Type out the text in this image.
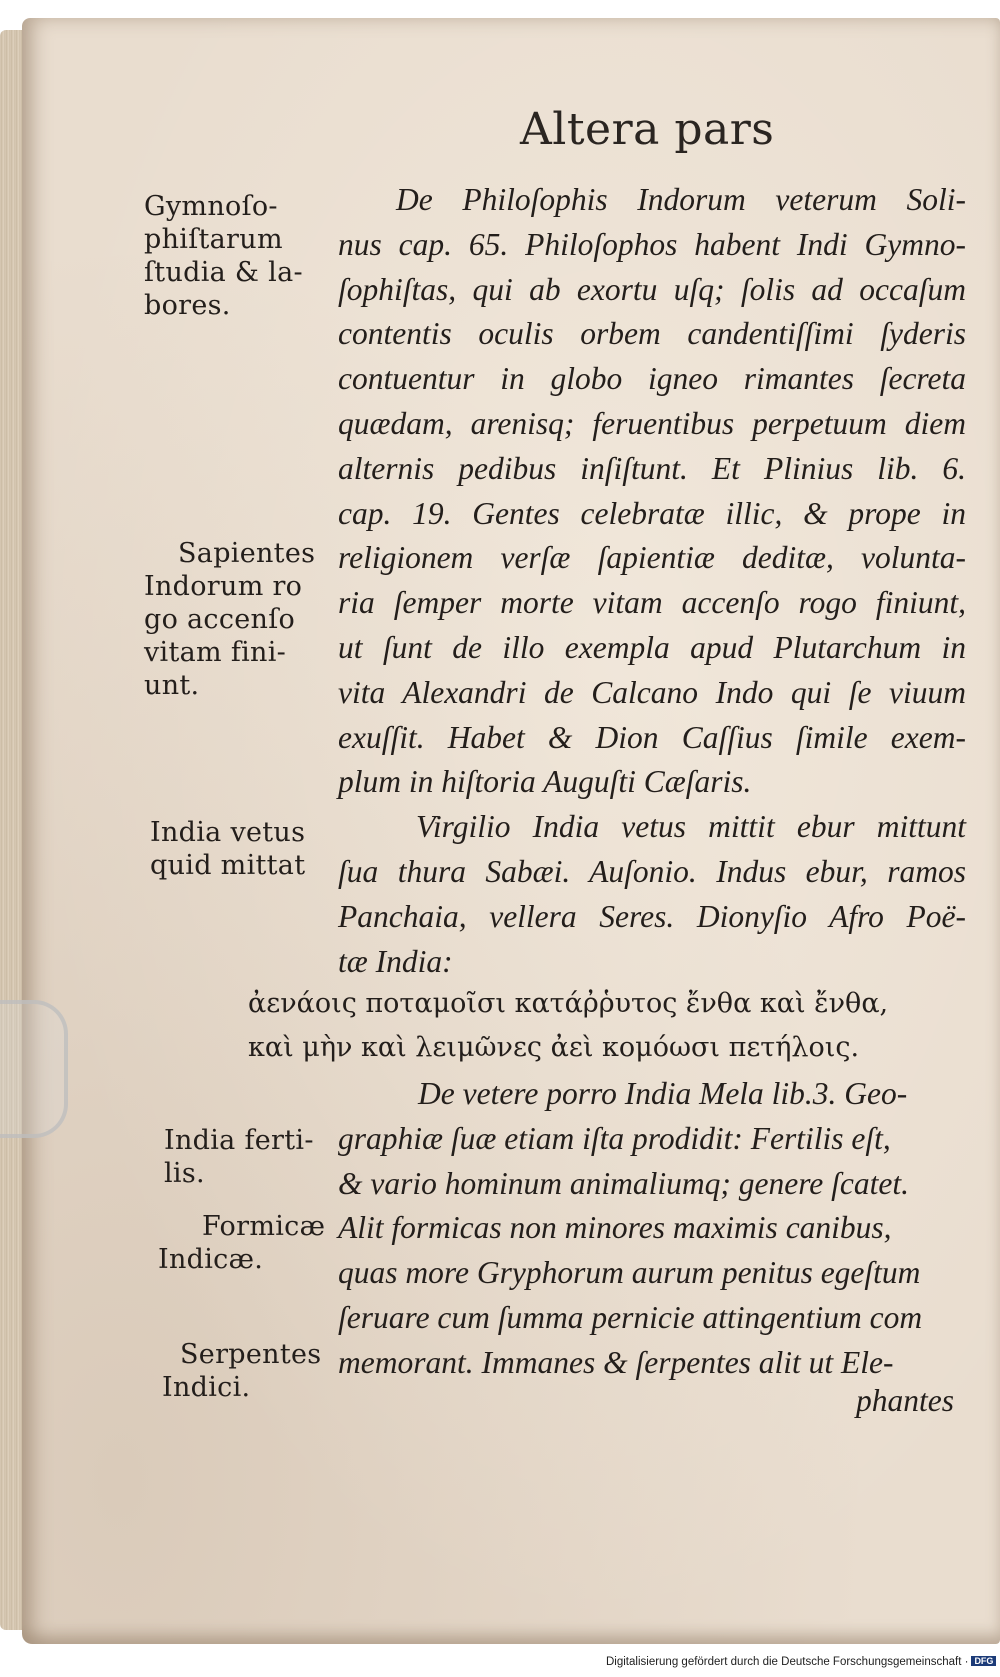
Altera pars
Gymnoſo-
phiſtarum
ſtudia & la-
bores.
Sapientes
Indorum ro
go accenſo
vitam fini-
unt.
India vetus
quid mittat
India ferti-
lis.
Formicæ
Indicæ.
Serpentes
Indici.
De Philoſophis Indorum veterum Soli-
nus cap. 65. Philoſophos habent Indi Gymno-
ſophiſtas, qui ab exortu uſq; ſolis ad occaſum
contentis oculis orbem candentiſſimi ſyderis
contuentur in globo igneo rimantes ſecreta
quædam, arenisq; feruentibus perpetuum diem
alternis pedibus inſiſtunt. Et Plinius lib. 6.
cap. 19. Gentes celebratæ illic, & prope in
religionem verſæ ſapientiæ deditæ, volunta-
ria ſemper morte vitam accenſo rogo finiunt,
ut ſunt de illo exempla apud Plutarchum in
vita Alexandri de Calcano Indo qui ſe viuum
exuſſit. Habet & Dion Caſſius ſimile exem-
plum in hiſtoria Auguſti Cæſaris.
Virgilio India vetus mittit ebur mittunt
ſua thura Sabæi. Auſonio. Indus ebur, ramos
Panchaia, vellera Seres. Dionyſio Afro Poë-
tæ India:
ἀενάοις ποταμοῖσι κατάῤῥυτος ἔνθα καὶ ἔνθα,
καὶ μὴν καὶ λειμῶνες ἀεὶ κομόωσι πετήλοις.
De vetere porro India Mela lib.3. Geo-
graphiæ ſuæ etiam iſta prodidit: Fertilis eſt,
& vario hominum animaliumq; genere ſcatet.
Alit formicas non minores maximis canibus,
quas more Gryphorum aurum penitus egeſtum
ſeruare cum ſumma pernicie attingentium com
memorant. Immanes & ſerpentes alit ut Ele-
phantes
Digitalisierung gefördert durch die Deutsche Forschungsgemeinschaft · DFG
